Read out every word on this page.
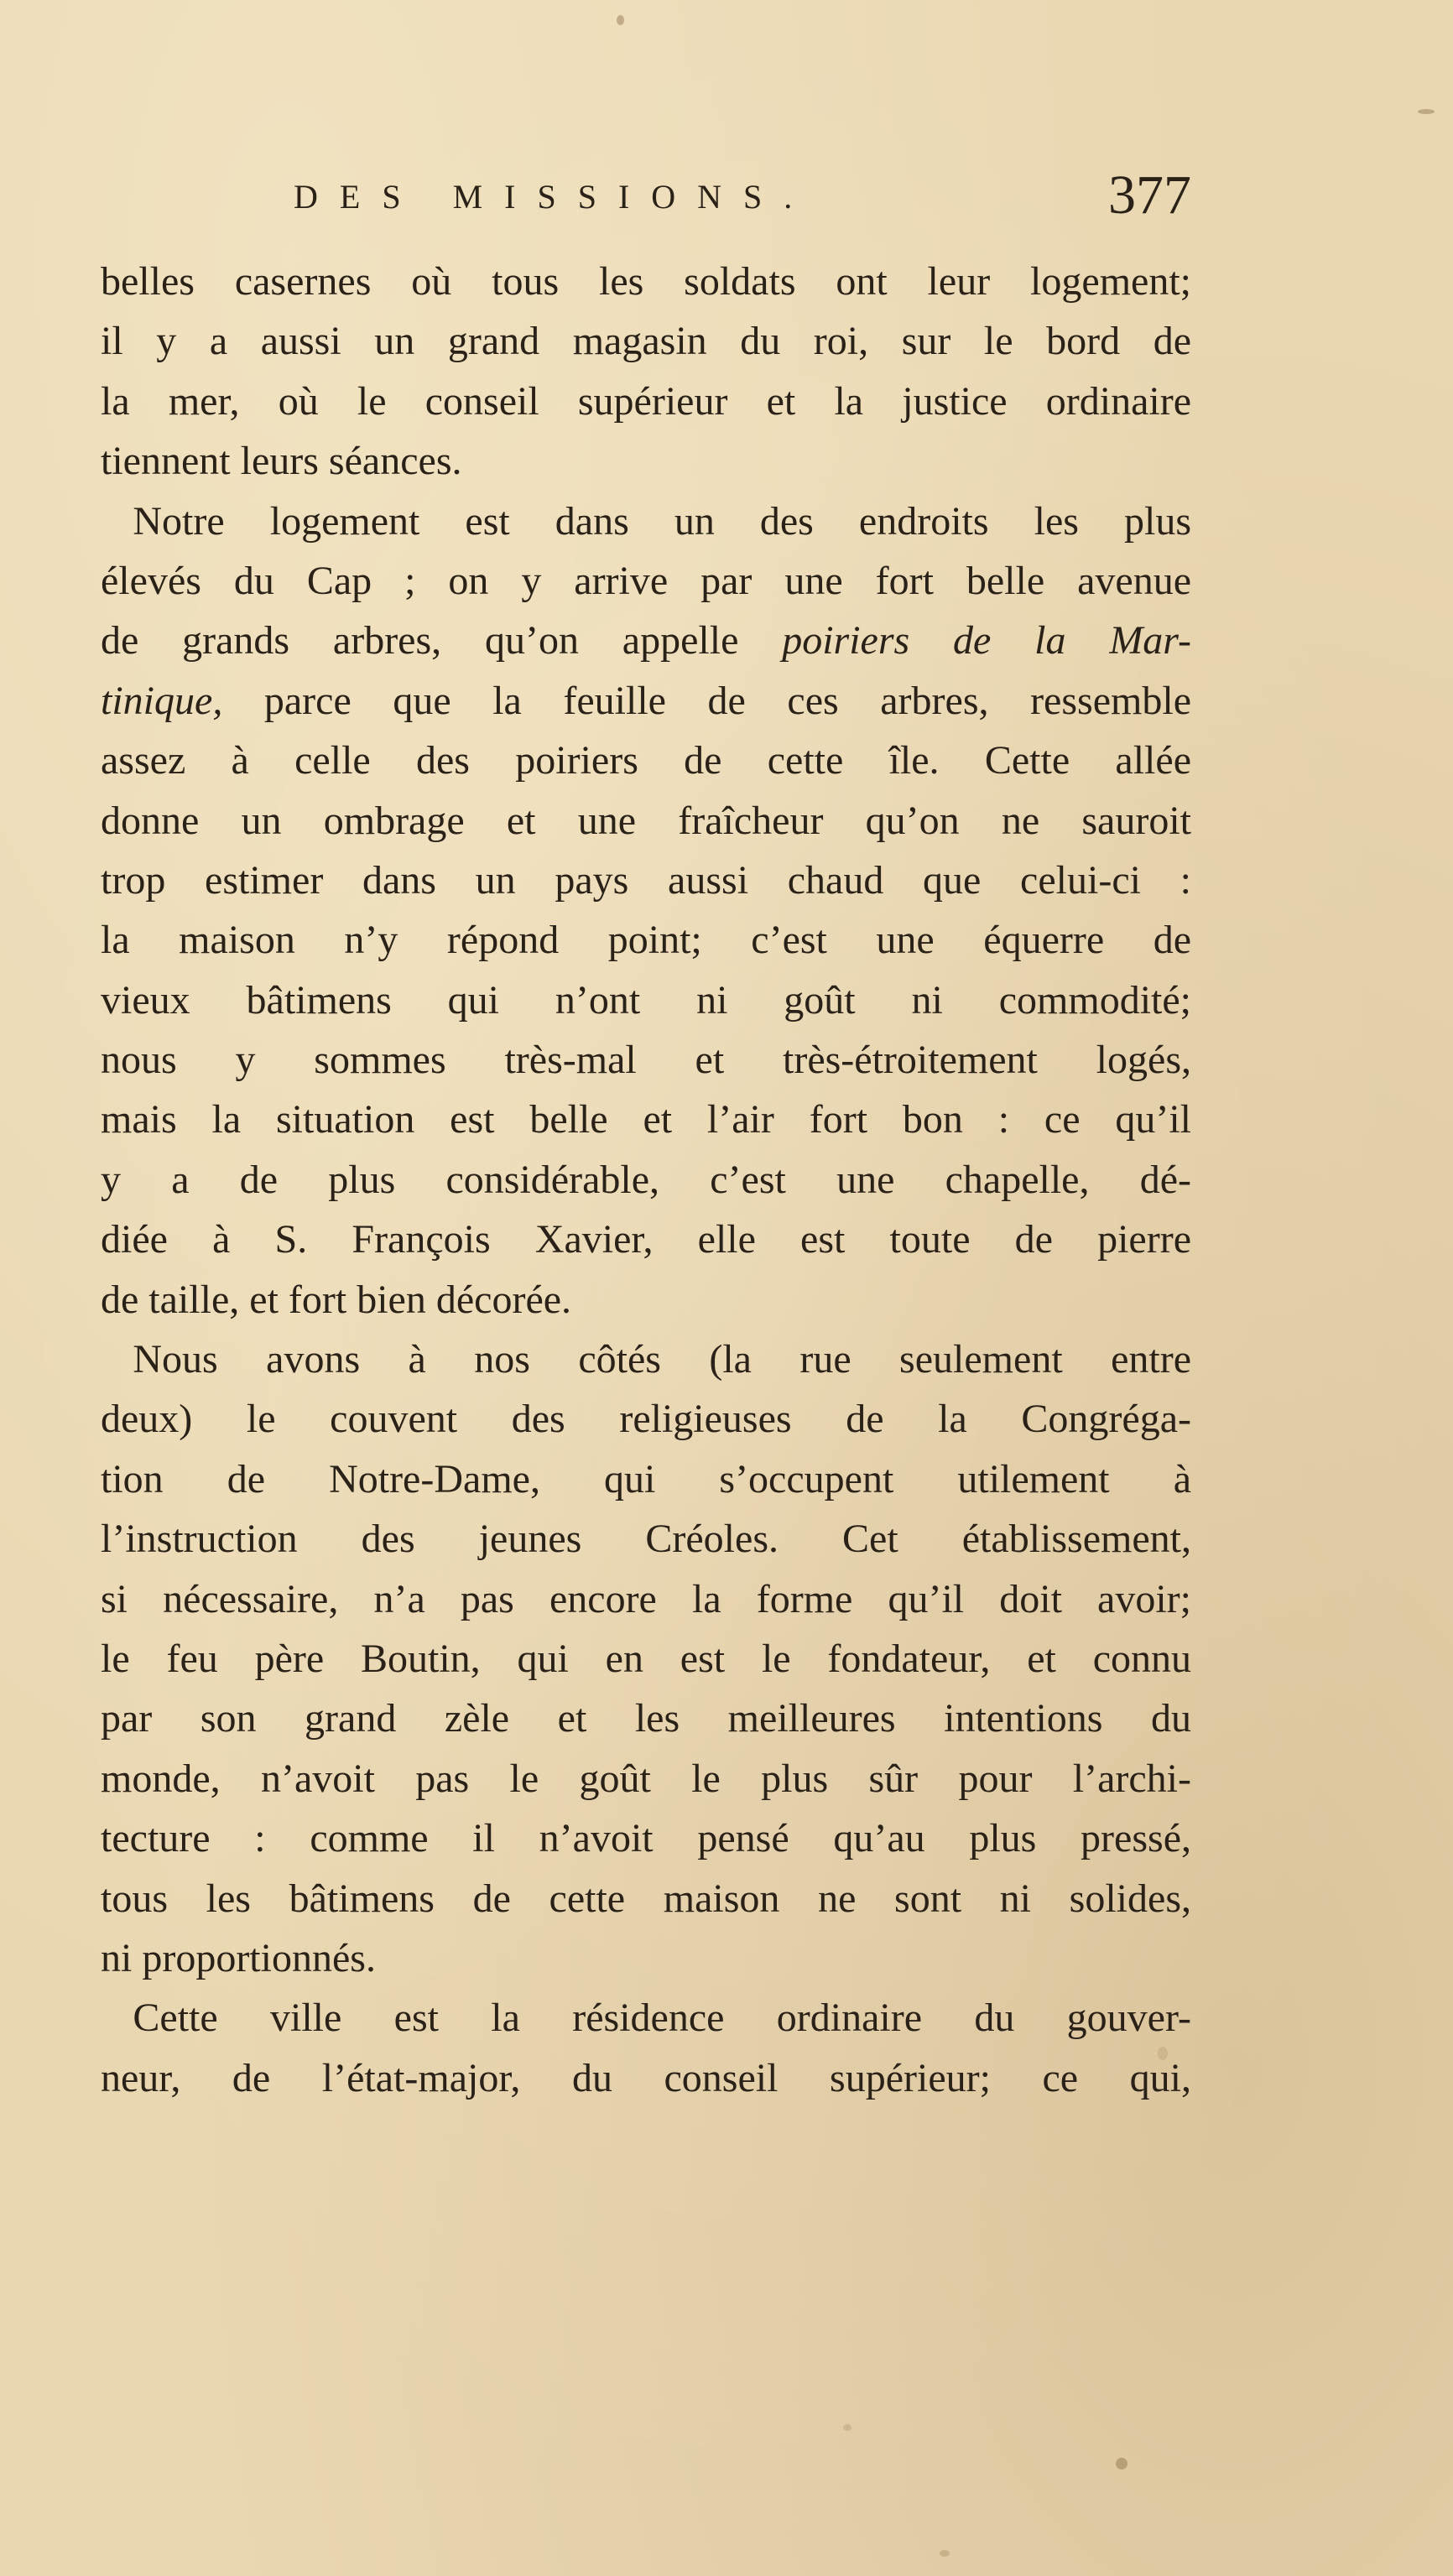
DES MISSIONS.	377
belles casernes où tous les soldats ont leur logement;
il y a aussi un grand magasin du roi, sur le bord de
la mer, où le conseil supérieur et la justice ordinaire
tiennent leurs séances.
Notre logement est dans un des endroits les plus
élevés du Cap ; on y arrive par une fort belle avenue
de grands arbres, qu’on appelle poiriers de la Mar-
tinique, parce que la feuille de ces arbres, ressemble
assez à celle des poiriers de cette île. Cette allée
donne un ombrage et une fraîcheur qu’on ne sauroit
trop estimer dans un pays aussi chaud que celui-ci :
la maison n’y répond point; c’est une équerre de
vieux bâtimens qui n’ont ni goût ni commodité;
nous y sommes très-mal et très-étroitement logés,
mais la situation est belle et l’air fort bon : ce qu’il
y a de plus considérable, c’est une chapelle, dé-
diée à S. François Xavier, elle est toute de pierre
de taille, et fort bien décorée.
Nous avons à nos côtés (la rue seulement entre
deux) le couvent des religieuses de la Congréga-
tion de Notre-Dame, qui s’occupent utilement à
l’instruction des jeunes Créoles. Cet établissement,
si nécessaire, n’a pas encore la forme qu’il doit avoir;
le feu père Boutin, qui en est le fondateur, et connu
par son grand zèle et les meilleures intentions du
monde, n’avoit pas le goût le plus sûr pour l’archi-
tecture : comme il n’avoit pensé qu’au plus pressé,
tous les bâtimens de cette maison ne sont ni solides,
ni proportionnés.
Cette ville est la résidence ordinaire du gouver-
neur, de l’état-major, du conseil supérieur; ce qui,
